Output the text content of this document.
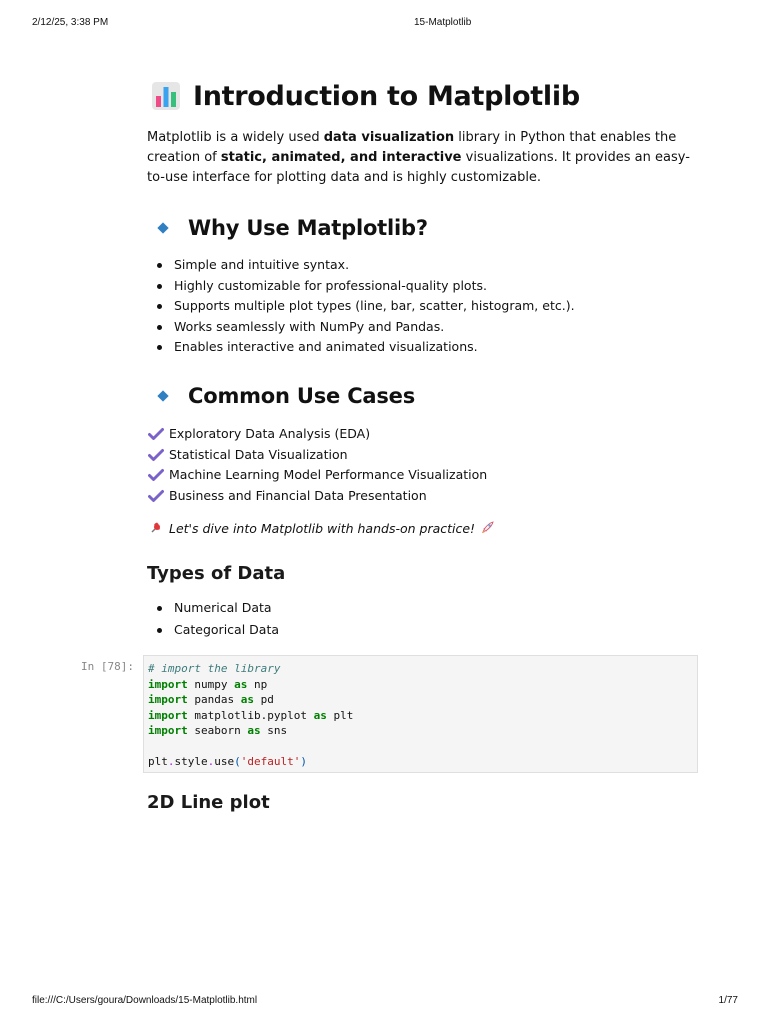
2/12/25, 3:38 PM	15-Matplotlib
Introduction to Matplotlib

Matplotlib is a widely used data visualization library in Python that enables the creation of static, animated, and interactive visualizations. It provides an easy-to-use interface for plotting data and is highly customizable.

Why Use Matplotlib?
Simple and intuitive syntax.
Highly customizable for professional-quality plots.
Supports multiple plot types (line, bar, scatter, histogram, etc.).
Works seamlessly with NumPy and Pandas.
Enables interactive and animated visualizations.
Common Use Cases
Exploratory Data Analysis (EDA)
Statistical Data Visualization
Machine Learning Model Performance Visualization
Business and Financial Data Presentation
Let's dive into Matplotlib with hands-on practice!
Types of Data
Numerical Data
Categorical Data
2D Line plot
In [78]:	# import the library
import numpy as np
import pandas as pd
import matplotlib.pyplot as plt
import seaborn as sns

plt.style.use('default')
file:///C:/Users/goura/Downloads/15-Matplotlib.html	1/77
